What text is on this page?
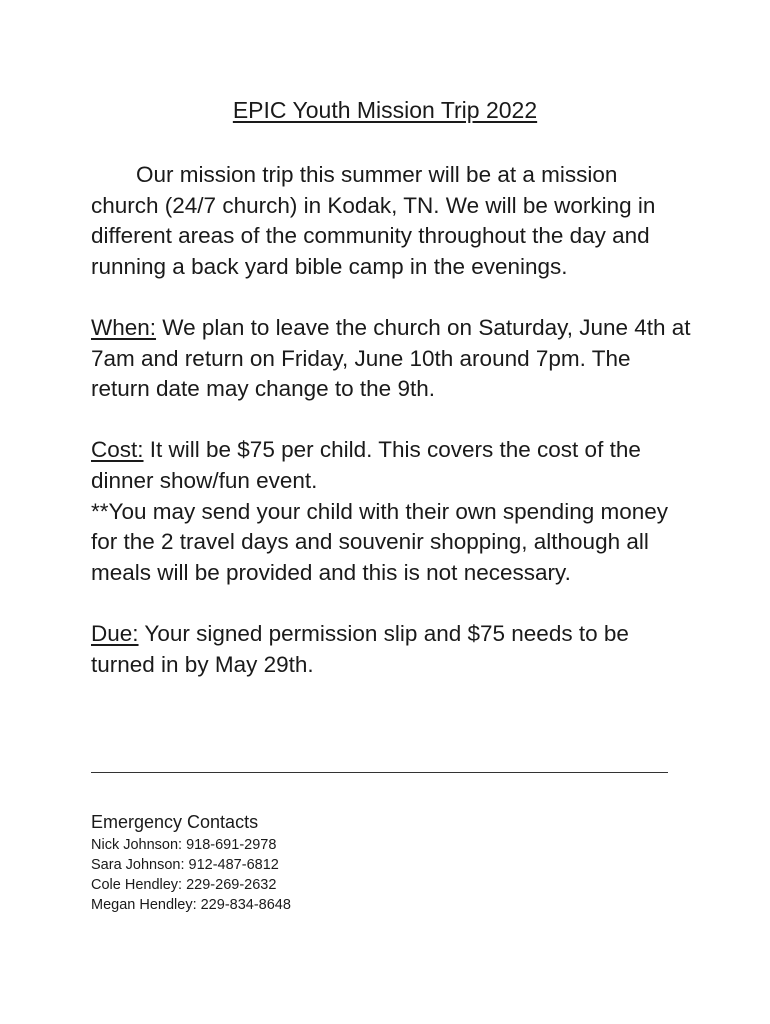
EPIC Youth Mission Trip 2022

Our mission trip this summer will be at a mission church (24/7 church) in Kodak, TN. We will be working in different areas of the community throughout the day and running a back yard bible camp in the evenings.

When: We plan to leave the church on Saturday, June 4th at 7am and return on Friday, June 10th around 7pm. The return date may change to the 9th.

Cost: It will be $75 per child. This covers the cost of the dinner show/fun event.

**You may send your child with their own spending money for the 2 travel days and souvenir shopping, although all meals will be provided and this is not necessary.

Due: Your signed permission slip and $75 needs to be turned in by May 29th.

Emergency Contacts

Nick Johnson: 918-691-2978

Sara Johnson: 912-487-6812

Cole Hendley: 229-269-2632

Megan Hendley: 229-834-8648
